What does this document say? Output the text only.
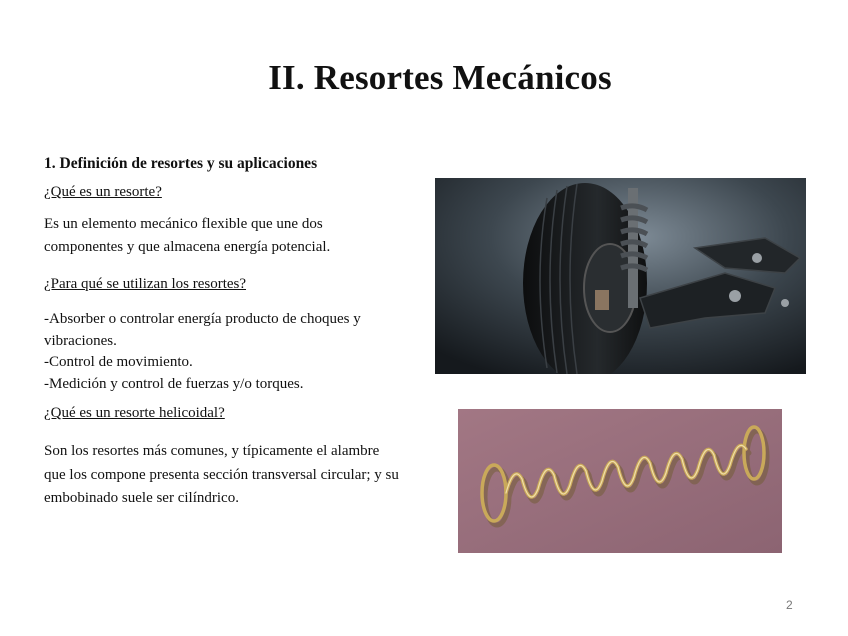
II. Resortes Mecánicos
1. Definición de resortes y su aplicaciones
¿Qué es un resorte?
Es un elemento mecánico flexible que une dos componentes y que almacena energía potencial.
¿Para qué se utilizan los resortes?
-Absorber o controlar energía producto de choques y vibraciones.
-Control de movimiento.
-Medición y control de fuerzas y/o torques.
¿Qué es un resorte helicoidal?
Son los resortes más comunes, y típicamente el alambre que los compone presenta sección transversal circular; y su embobinado suele ser cilíndrico.
2
